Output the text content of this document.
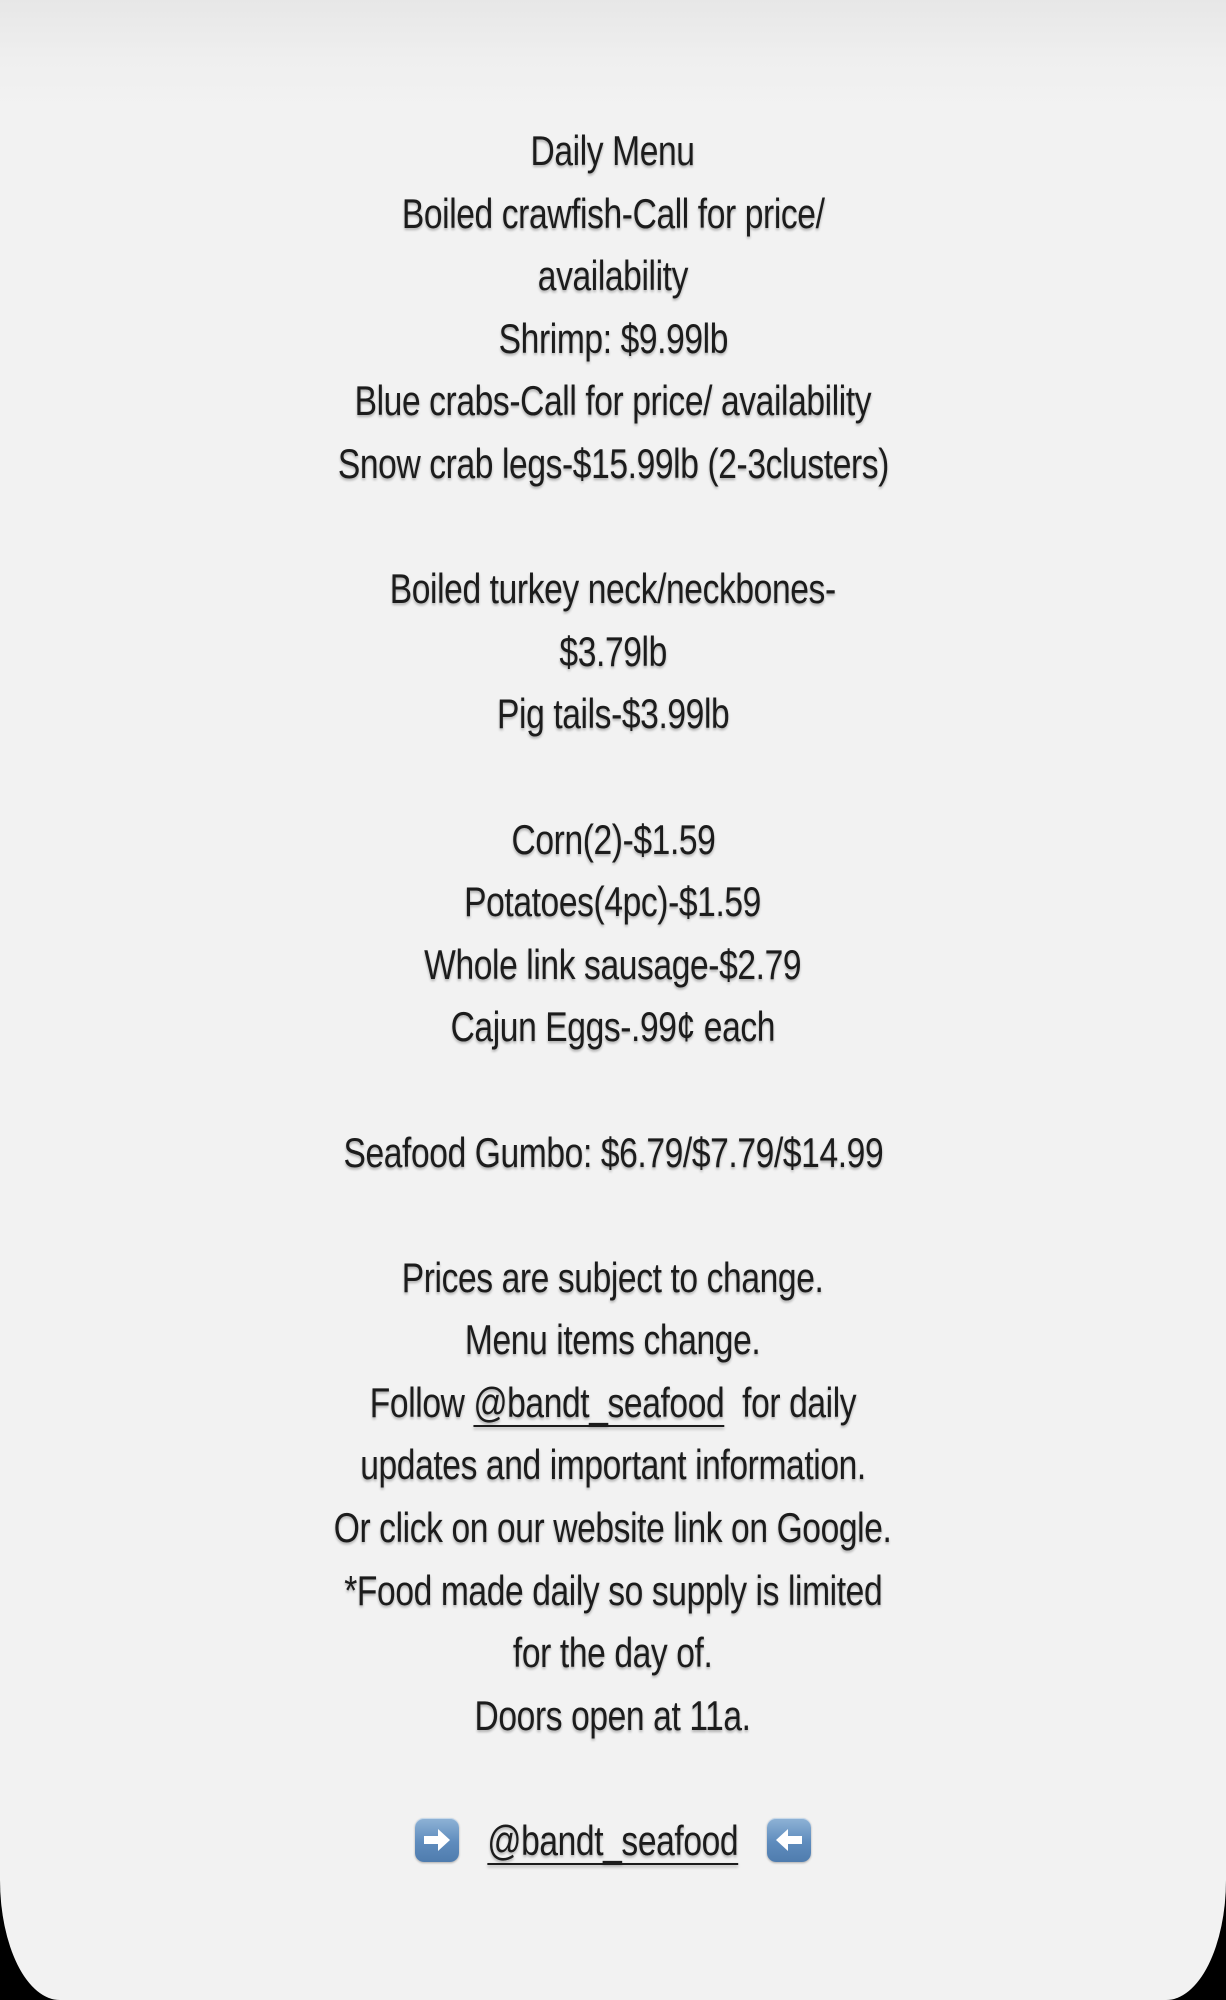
Daily Menu
Boiled crawfish-Call for price/
availability
Shrimp: $9.99lb
Blue crabs-Call for price/ availability
Snow crab legs-$15.99lb (2-3clusters)
Boiled turkey neck/neckbones-
$3.79lb
Pig tails-$3.99lb
Corn(2)-$1.59
Potatoes(4pc)-$1.59
Whole link sausage-$2.79
Cajun Eggs-.99¢ each
Seafood Gumbo: $6.79/$7.79/$14.99
Prices are subject to change.
Menu items change.
Follow @bandt_seafood  for daily
updates and important information.
Or click on our website link on Google.
*Food made daily so supply is limited
for the day of.
Doors open at 11a.
@bandt_seafood
